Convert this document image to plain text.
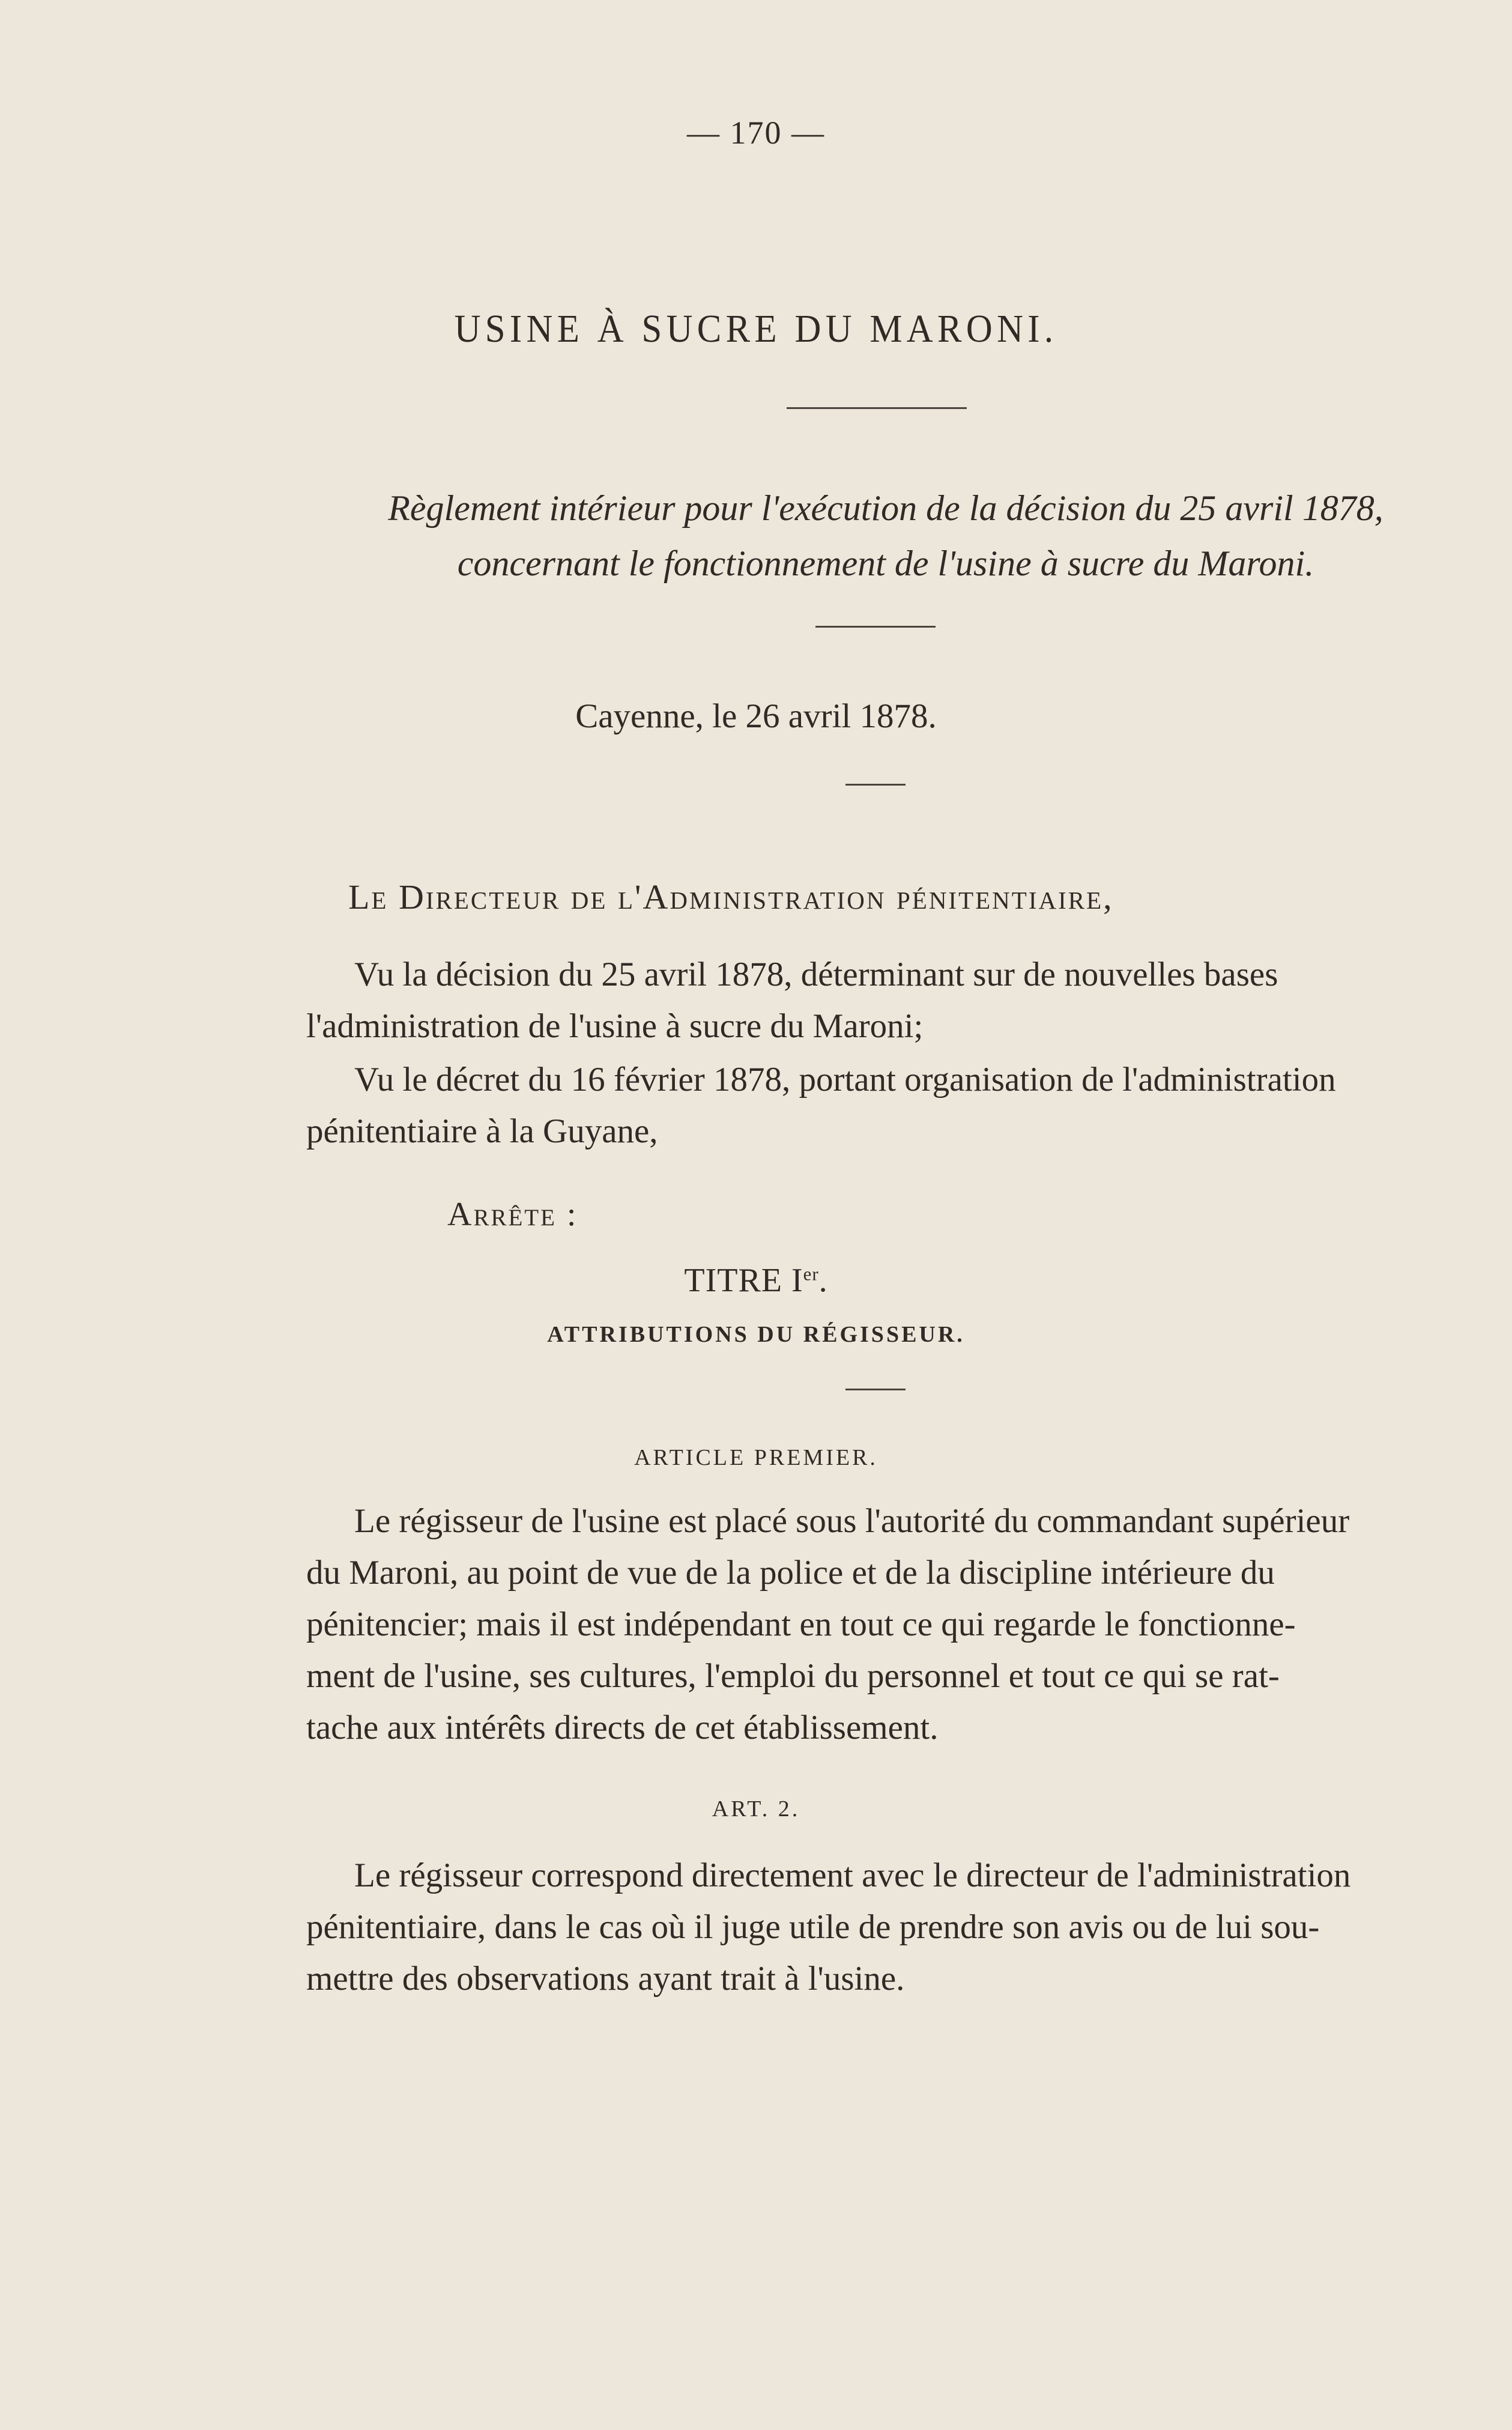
— 170 —
USINE À SUCRE DU MARONI.
Règlement intérieur pour l'exécution de la décision du 25 avril 1878,
concernant le fonctionnement de l'usine à sucre du Maroni.
Cayenne, le 26 avril 1878.
Le Directeur de l'Administration pénitentiaire,
Vu la décision du 25 avril 1878, déterminant sur de nouvelles bases
l'administration de l'usine à sucre du Maroni;
Vu le décret du 16 février 1878, portant organisation de l'administration
pénitentiaire à la Guyane,
Arrête :
TITRE Ier.
ATTRIBUTIONS DU RÉGISSEUR.
ARTICLE PREMIER.
Le régisseur de l'usine est placé sous l'autorité du commandant supérieur
du Maroni, au point de vue de la police et de la discipline intérieure du
pénitencier; mais il est indépendant en tout ce qui regarde le fonctionne-
ment de l'usine, ses cultures, l'emploi du personnel et tout ce qui se rat-
tache aux intérêts directs de cet établissement.
ART. 2.
Le régisseur correspond directement avec le directeur de l'administration
pénitentiaire, dans le cas où il juge utile de prendre son avis ou de lui sou-
mettre des observations ayant trait à l'usine.
